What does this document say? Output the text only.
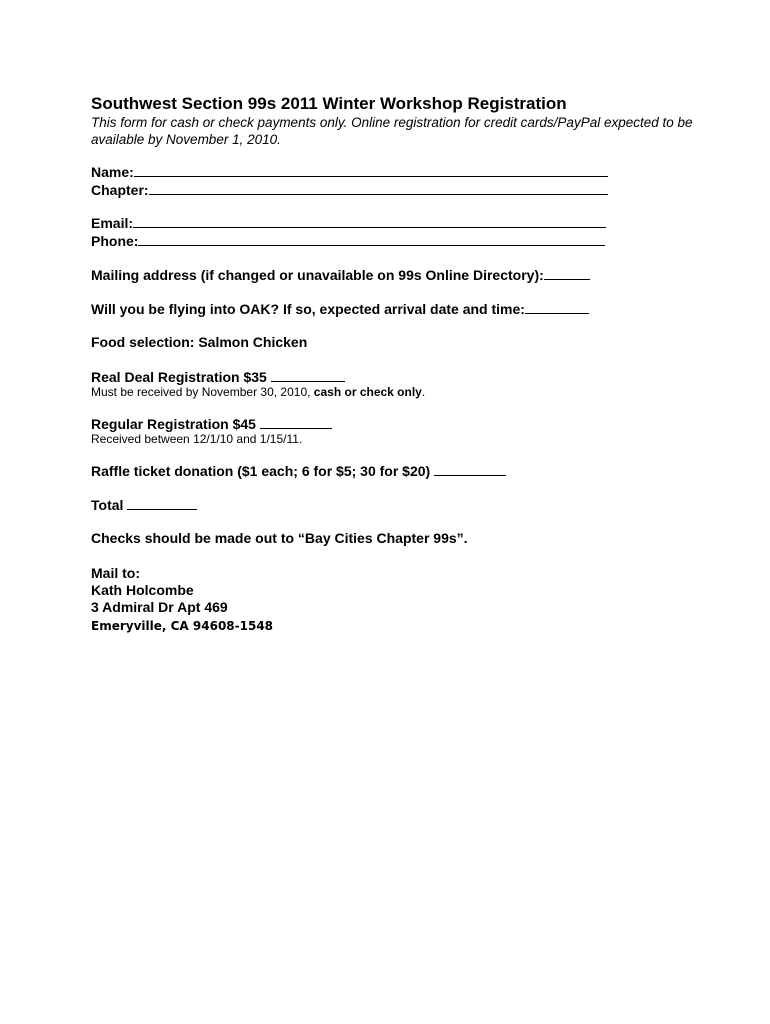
Southwest Section 99s 2011 Winter Workshop Registration
This form for cash or check payments only. Online registration for credit cards/PayPal expected to be available by November 1, 2010.
Name:
Chapter:
Email:
Phone:
Mailing address (if changed or unavailable on 99s Online Directory):
Will you be flying into OAK? If so, expected arrival date and time:
Food selection: Salmon Chicken
Real Deal Registration $35
Must be received by November 30, 2010, cash or check only.
Regular Registration $45
Received between 12/1/10 and 1/15/11.
Raffle ticket donation ($1 each; 6 for $5; 30 for $20)
Total
Checks should be made out to “Bay Cities Chapter 99s”.
Mail to:
Kath Holcombe
3 Admiral Dr Apt 469
Emeryville, CA 94608-1548
